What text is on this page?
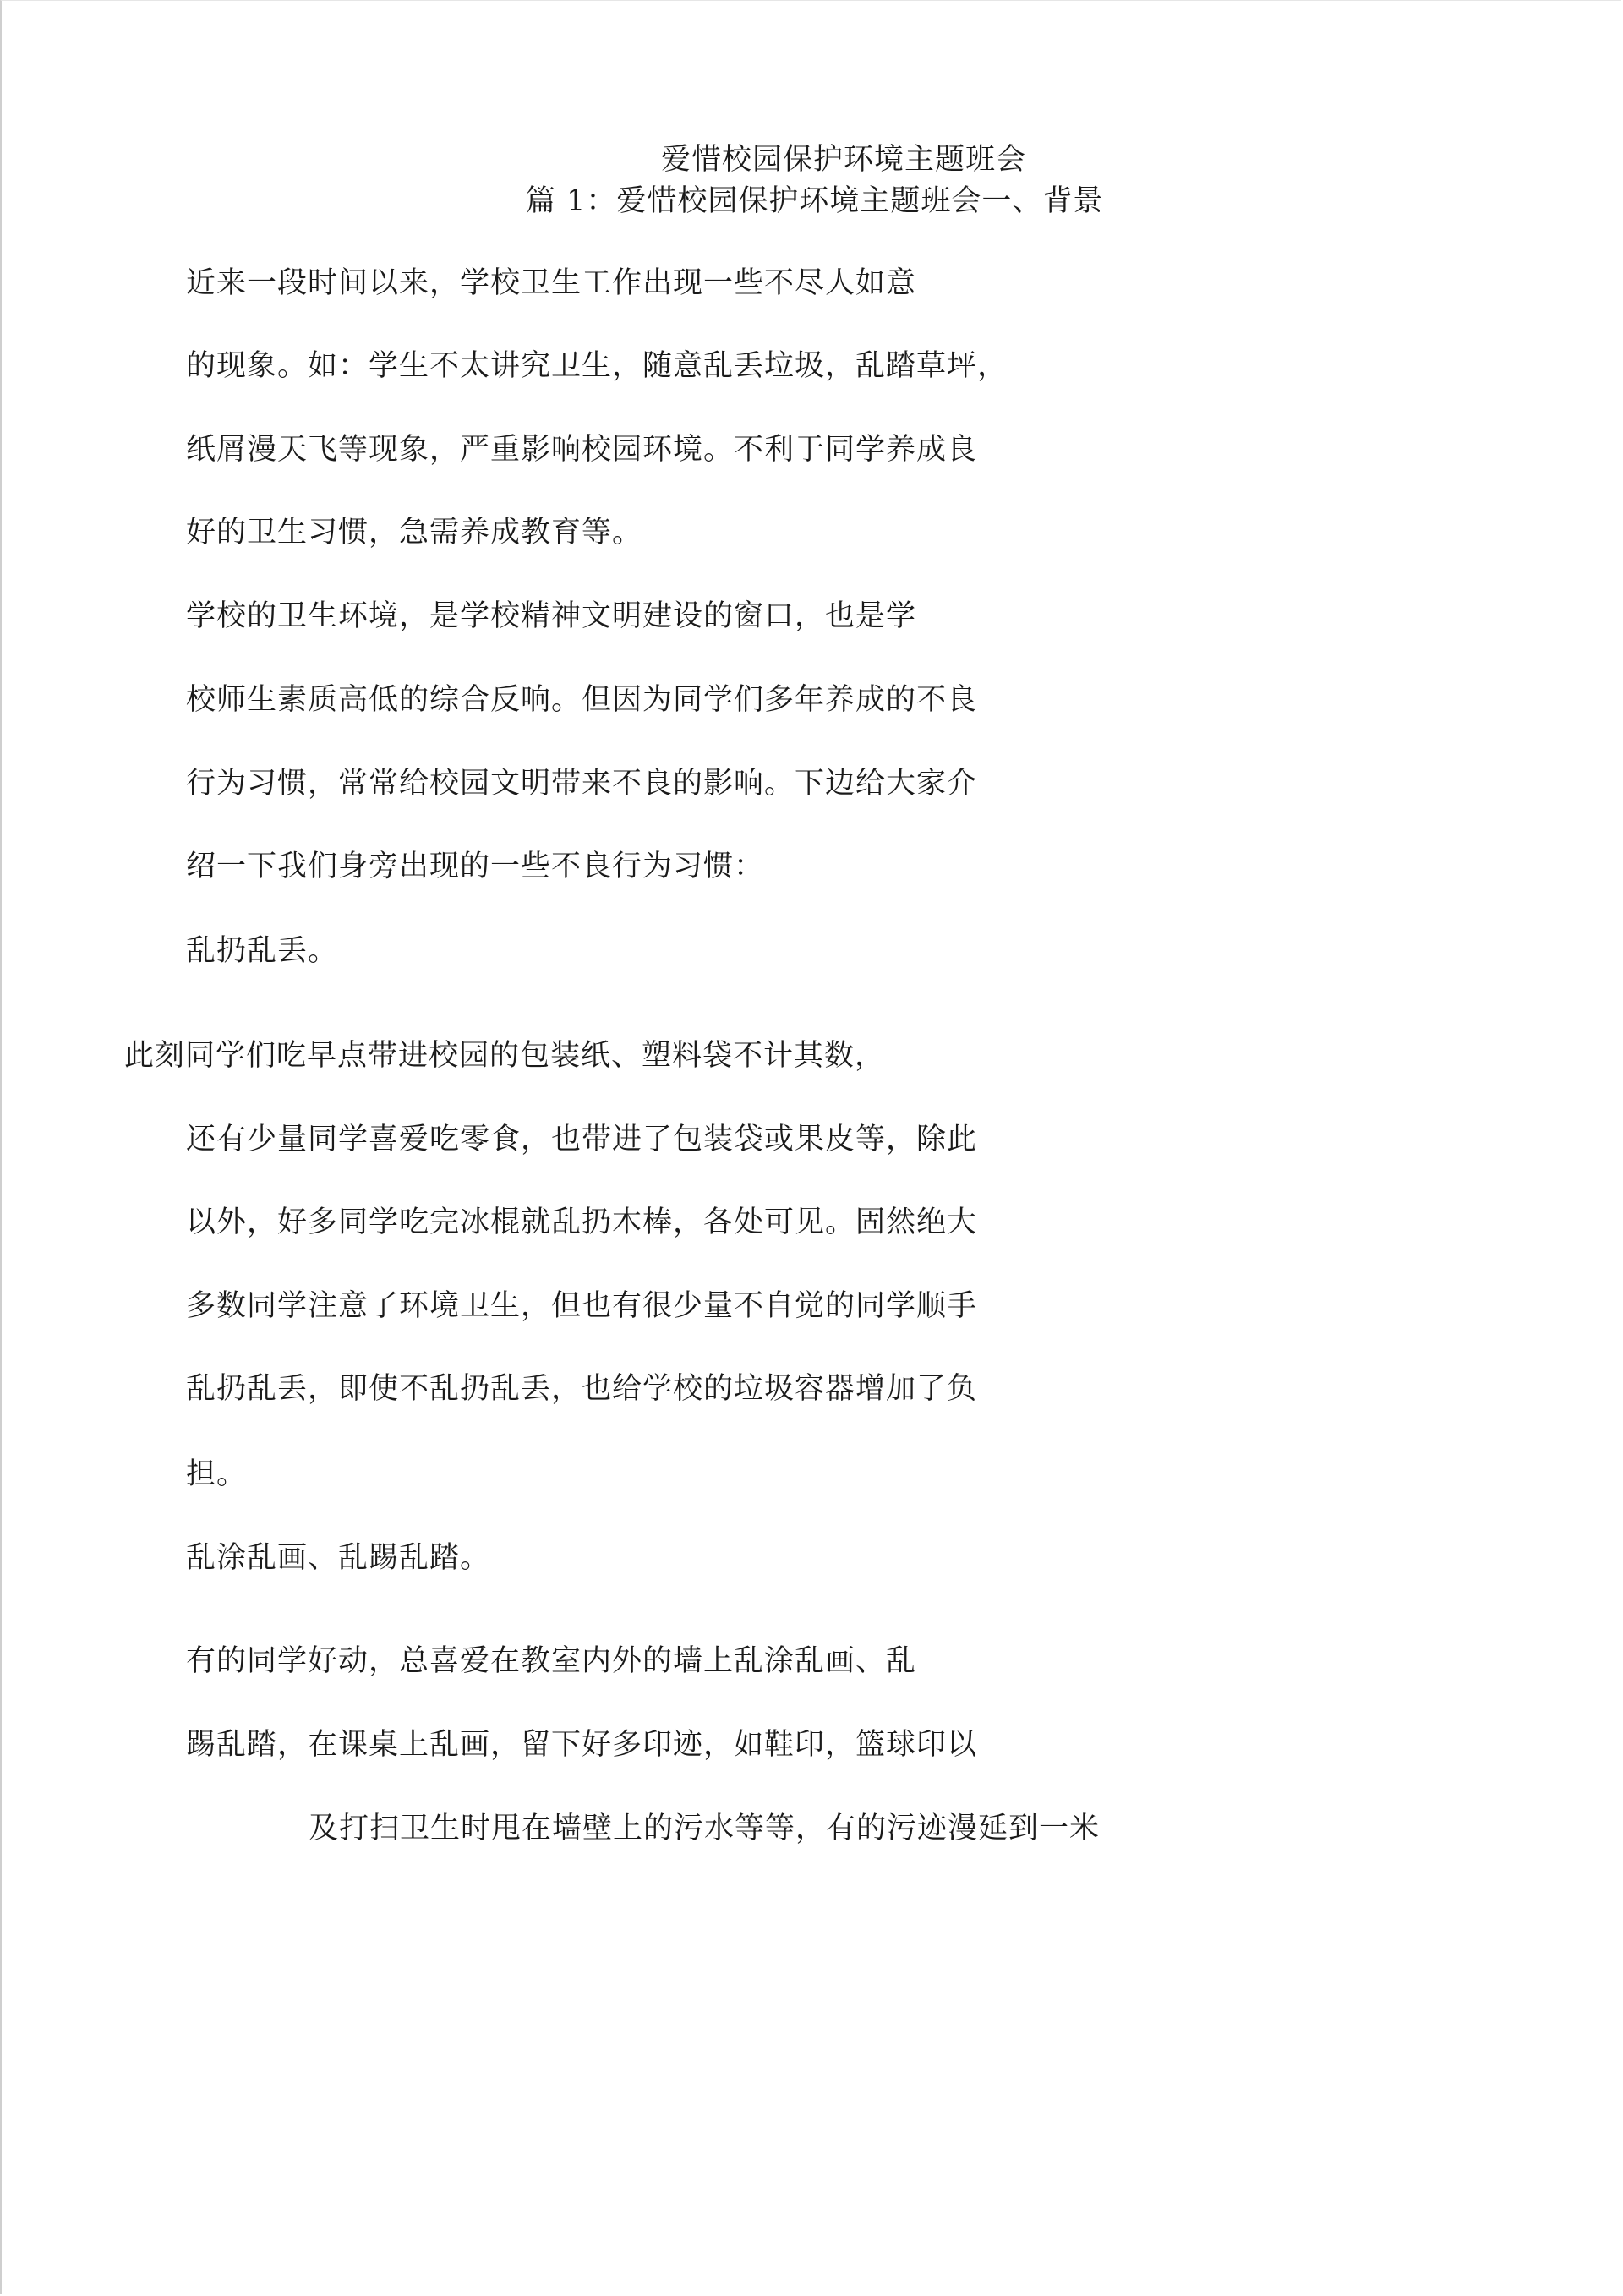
爱惜校园保护环境主题班会
篇 1：爱惜校园保护环境主题班会一、背景
近来一段时间以来，学校卫生工作出现一些不尽人如意
的现象。如：学生不太讲究卫生，随意乱丢垃圾，乱踏草坪，
纸屑漫天飞等现象，严重影响校园环境。不利于同学养成良
好的卫生习惯，急需养成教育等。
学校的卫生环境，是学校精神文明建设的窗口，也是学
校师生素质高低的综合反响。但因为同学们多年养成的不良
行为习惯，常常给校园文明带来不良的影响。下边给大家介
绍一下我们身旁出现的一些不良行为习惯：
乱扔乱丢。
此刻同学们吃早点带进校园的包装纸、塑料袋不计其数，
还有少量同学喜爱吃零食，也带进了包装袋或果皮等，除此
以外，好多同学吃完冰棍就乱扔木棒，各处可见。固然绝大
多数同学注意了环境卫生，但也有很少量不自觉的同学顺手
乱扔乱丢，即使不乱扔乱丢，也给学校的垃圾容器增加了负
担。
乱涂乱画、乱踢乱踏。
有的同学好动，总喜爱在教室内外的墙上乱涂乱画、乱
踢乱踏，在课桌上乱画，留下好多印迹，如鞋印，篮球印以
及打扫卫生时甩在墙壁上的污水等等，有的污迹漫延到一米
